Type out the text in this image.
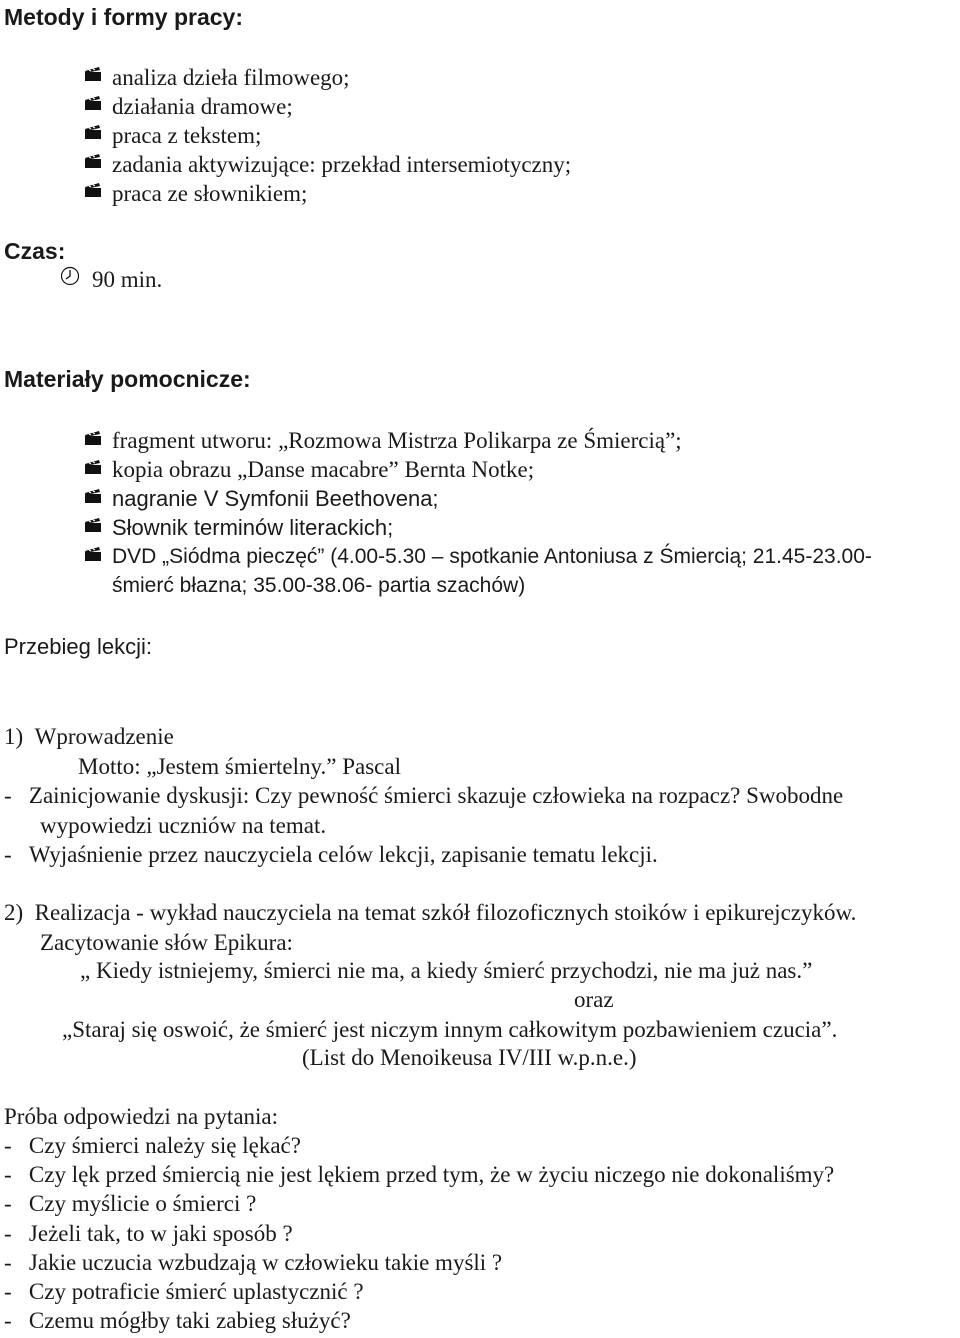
Metody i formy pracy:
analiza dzieła filmowego;
działania dramowe;
praca z tekstem;
zadania aktywizujące: przekład intersemiotyczny;
praca ze słownikiem;
Czas:
90 min.
Materiały pomocnicze:
fragment utworu: „Rozmowa Mistrza Polikarpa ze Śmiercią”;
kopia obrazu „Danse macabre” Bernta Notke;
nagranie V Symfonii Beethovena;
Słownik terminów literackich;
DVD „Siódma pieczęć” (4.00-5.30 – spotkanie Antoniusa z Śmiercią; 21.45-23.00-
śmierć błazna; 35.00-38.06- partia szachów)
Przebieg lekcji:
1)  Wprowadzenie
Motto: „Jestem śmiertelny.” Pascal
-   Zainicjowanie dyskusji: Czy pewność śmierci skazuje człowieka na rozpacz? Swobodne
wypowiedzi uczniów na temat.
-   Wyjaśnienie przez nauczyciela celów lekcji, zapisanie tematu lekcji.
2)  Realizacja - wykład nauczyciela na temat szkół filozoficznych stoików i epikurejczyków.
Zacytowanie słów Epikura:
„ Kiedy istniejemy, śmierci nie ma, a kiedy śmierć przychodzi, nie ma już nas.”
oraz
„Staraj się oswoić, że śmierć jest niczym innym całkowitym pozbawieniem czucia”.
(List do Menoikeusa IV/III w.p.n.e.)
Próba odpowiedzi na pytania:
-   Czy śmierci należy się lękać?
-   Czy lęk przed śmiercią nie jest lękiem przed tym, że w życiu niczego nie dokonaliśmy?
-   Czy myślicie o śmierci ?
-   Jeżeli tak, to w jaki sposób ?
-   Jakie uczucia wzbudzają w człowieku takie myśli ?
-   Czy potraficie śmierć uplastycznić ?
-   Czemu mógłby taki zabieg służyć?
